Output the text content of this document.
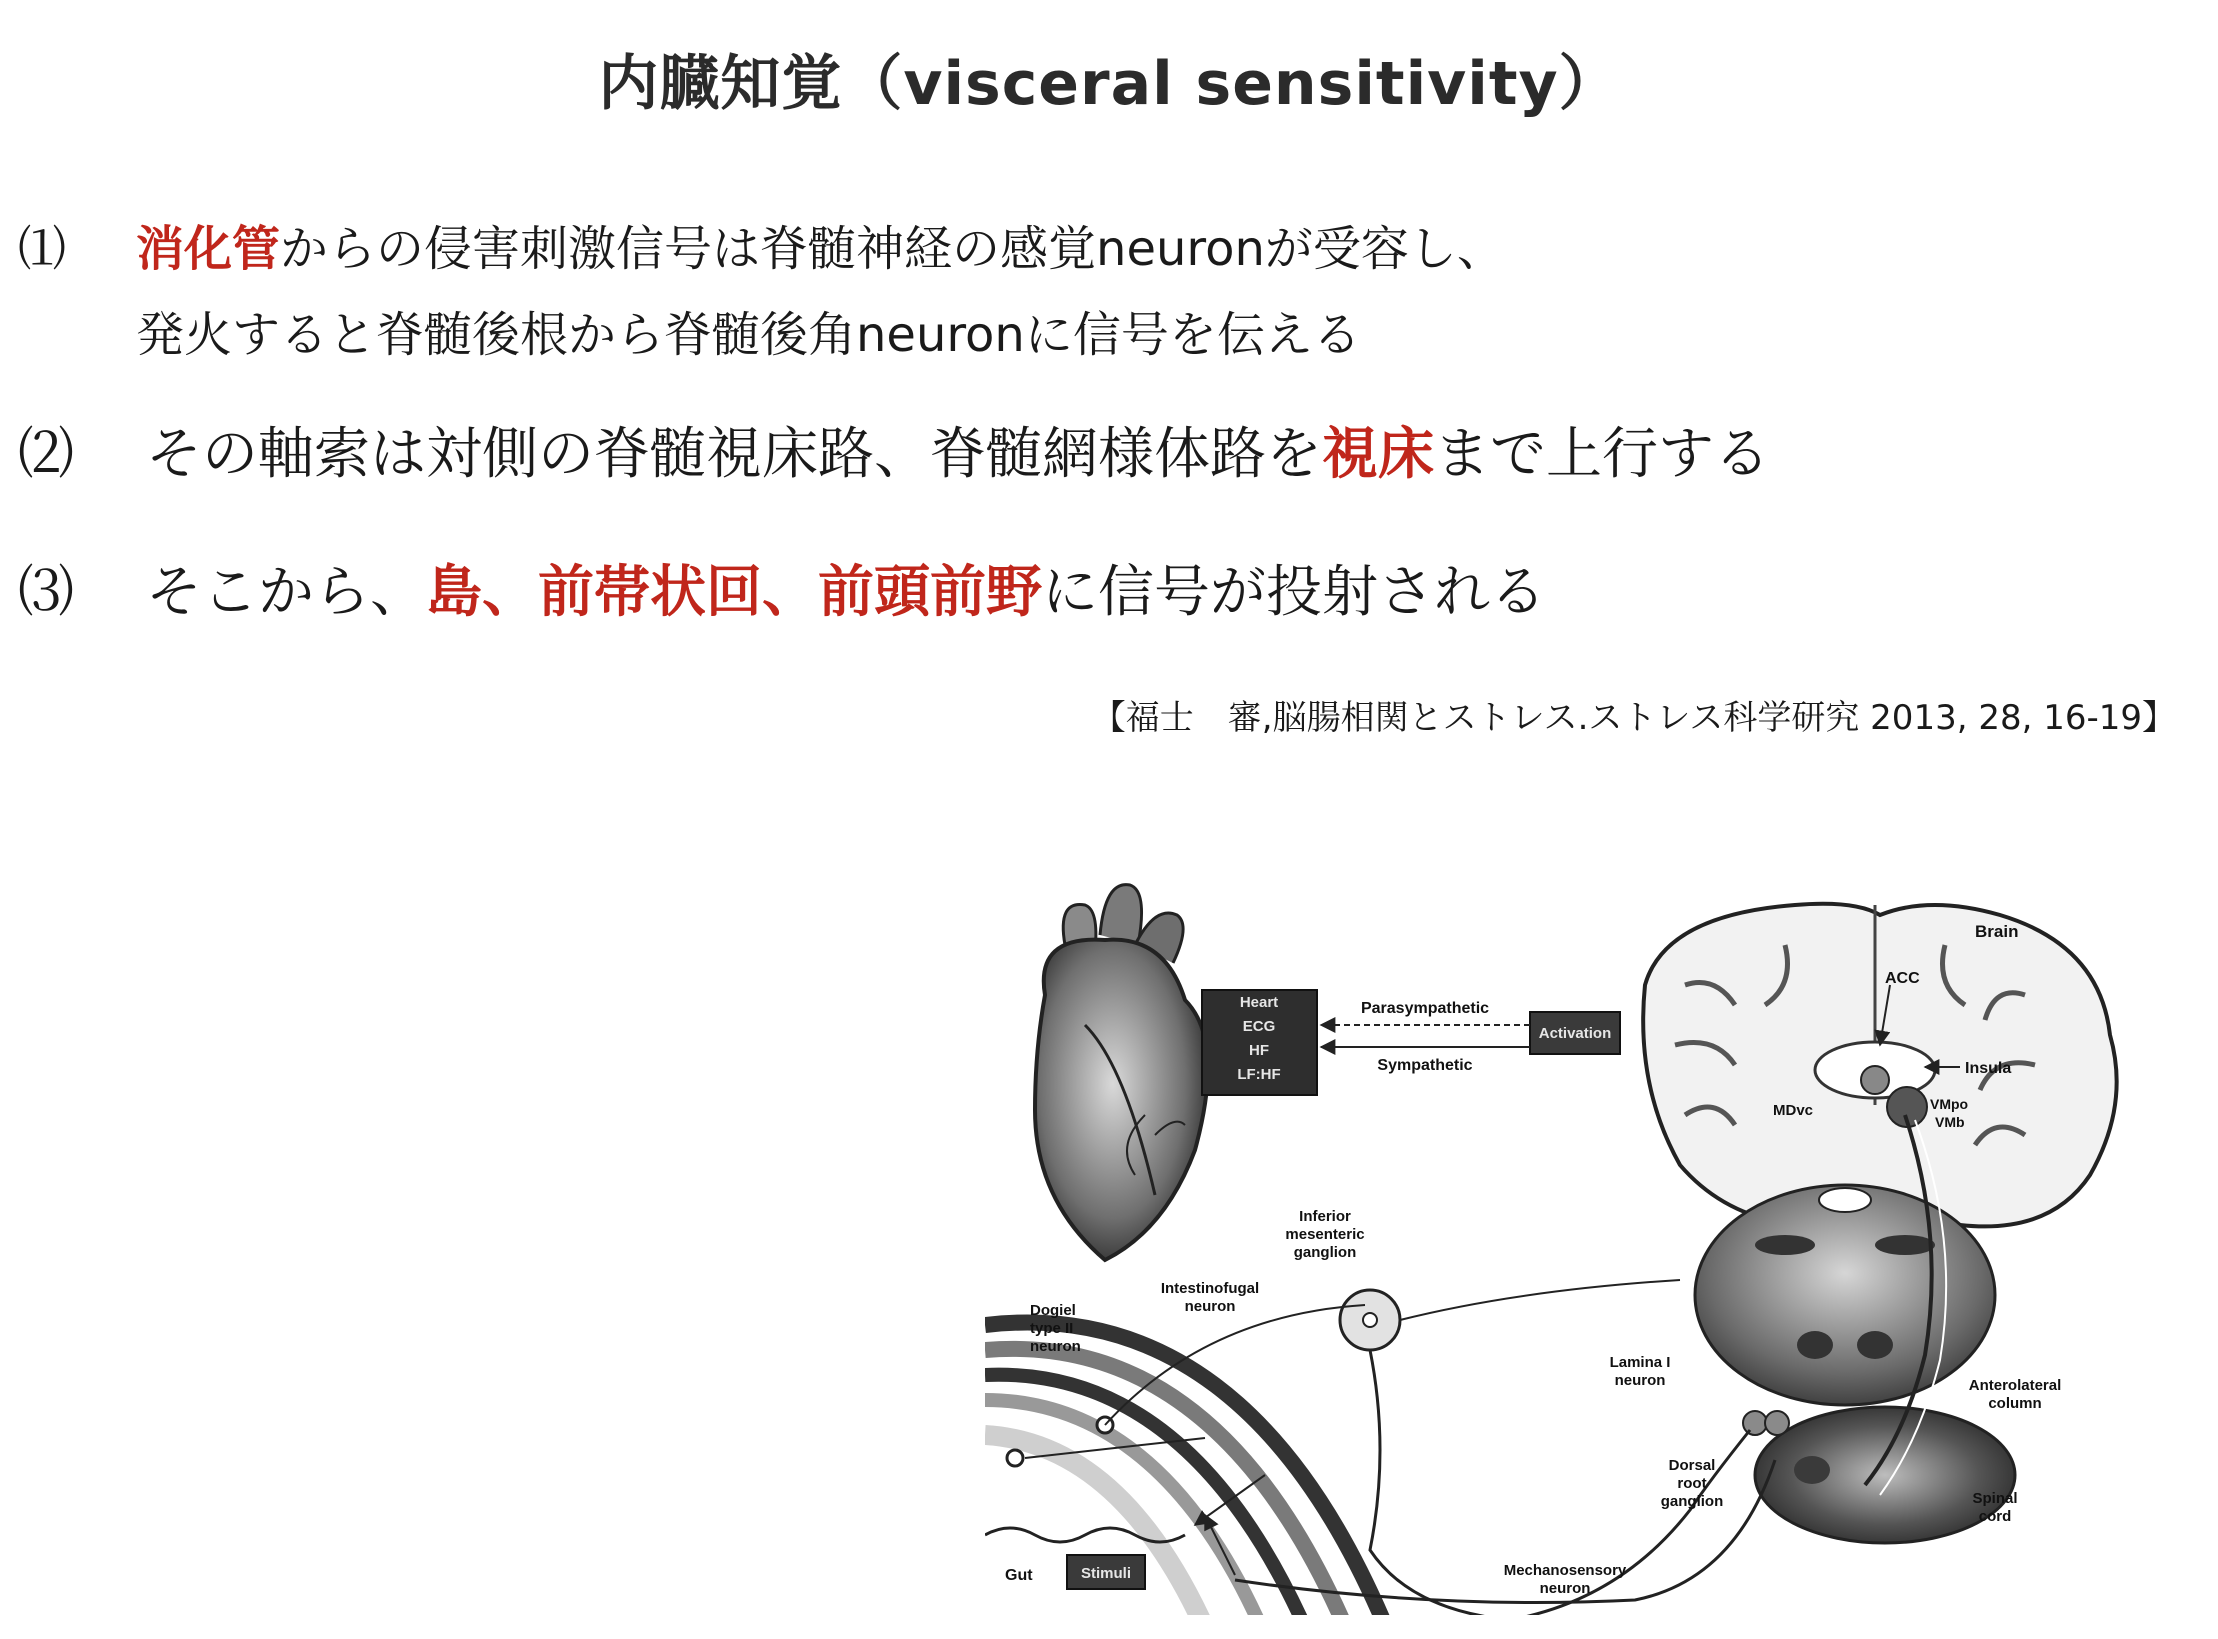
内臓知覚（visceral sensitivity）
⑴ 消化管からの侵害刺激信号は脊髄神経の感覚neuronが受容し、
発火すると脊髄後根から脊髄後角neuronに信号を伝える
⑵ その軸索は対側の脊髄視床路、脊髄網様体路を視床まで上行する
⑶ そこから、島、前帯状回、前頭前野に信号が投射される
【福士　審,脳腸相関とストレス.ストレス科学研究 2013, 28, 16-19】
Heart
ECG
HF
LF:HF
Activation
Parasympathetic
Sympathetic
Brain
ACC
Insula
MDvc	VMpo
VMb
Stimuli
Gut
Inferior
mesenteric
ganglion
Intestinofugal
neuron
Dogiel
type II
neuron
Lamina I
neuron	Anterolateral
column
Dorsal
root
ganglion	Spinal
cord
Mechanosensory
neuron
